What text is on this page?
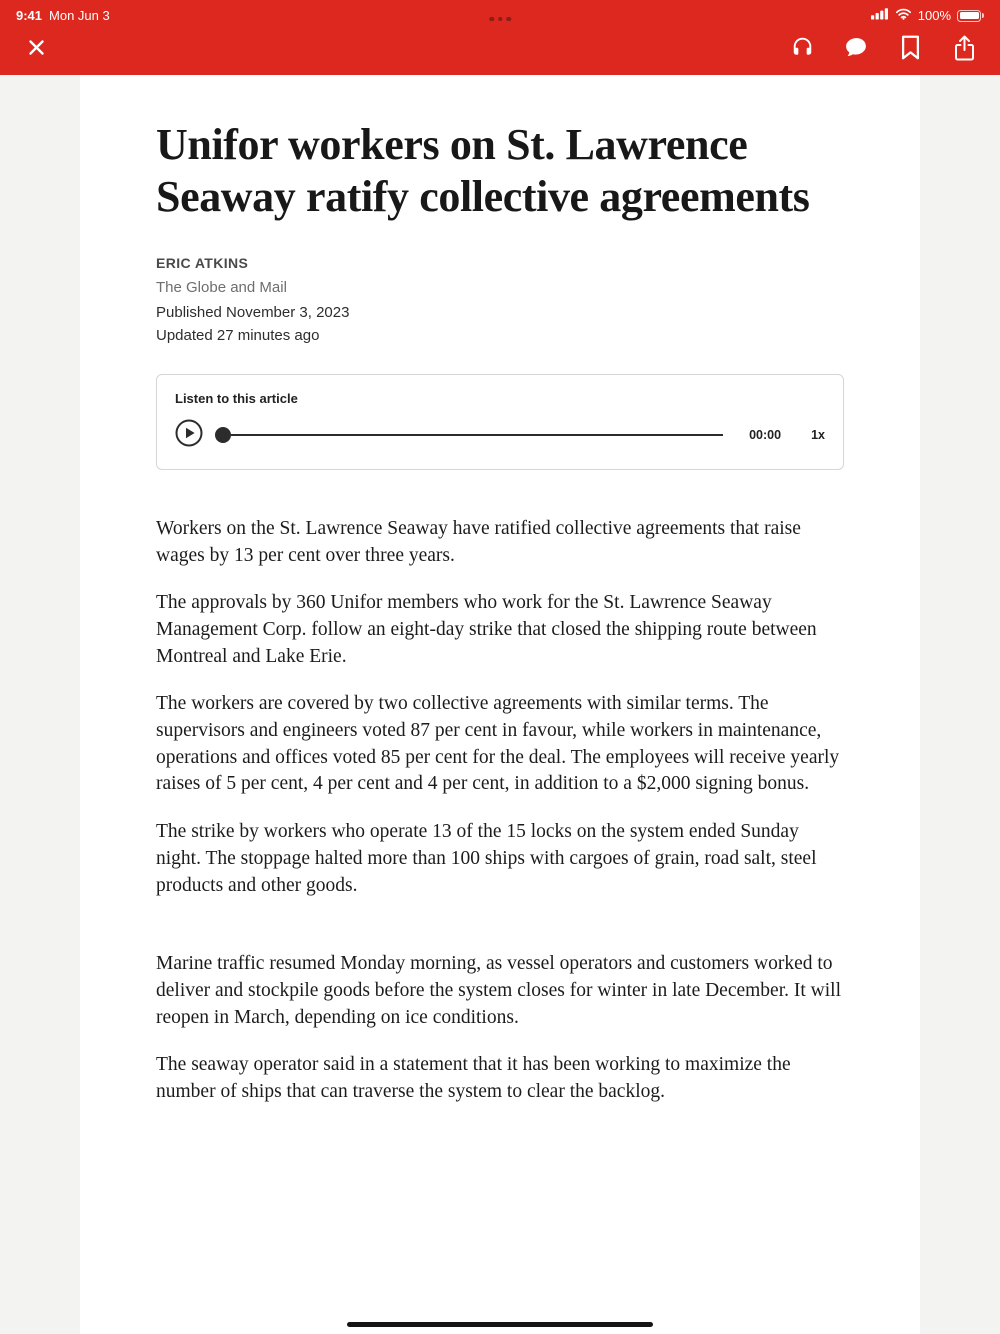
9:41 Mon Jun 3	100%
Unifor workers on St. Lawrence Seaway ratify collective agreements
ERIC ATKINS
The Globe and Mail
Published November 3, 2023
Updated 27 minutes ago
Listen to this article
00:00 1x

Workers on the St. Lawrence Seaway have ratified collective agreements that raise wages by 13 per cent over three years.

The approvals by 360 Unifor members who work for the St. Lawrence Seaway Management Corp. follow an eight-day strike that closed the shipping route between Montreal and Lake Erie.

The workers are covered by two collective agreements with similar terms. The supervisors and engineers voted 87 per cent in favour, while workers in maintenance, operations and offices voted 85 per cent for the deal. The employees will receive yearly raises of 5 per cent, 4 per cent and 4 per cent, in addition to a $2,000 signing bonus.

The strike by workers who operate 13 of the 15 locks on the system ended Sunday night. The stoppage halted more than 100 ships with cargoes of grain, road salt, steel products and other goods.

Marine traffic resumed Monday morning, as vessel operators and customers worked to deliver and stockpile goods before the system closes for winter in late December. It will reopen in March, depending on ice conditions.

The seaway operator said in a statement that it has been working to maximize the number of ships that can traverse the system to clear the backlog.
